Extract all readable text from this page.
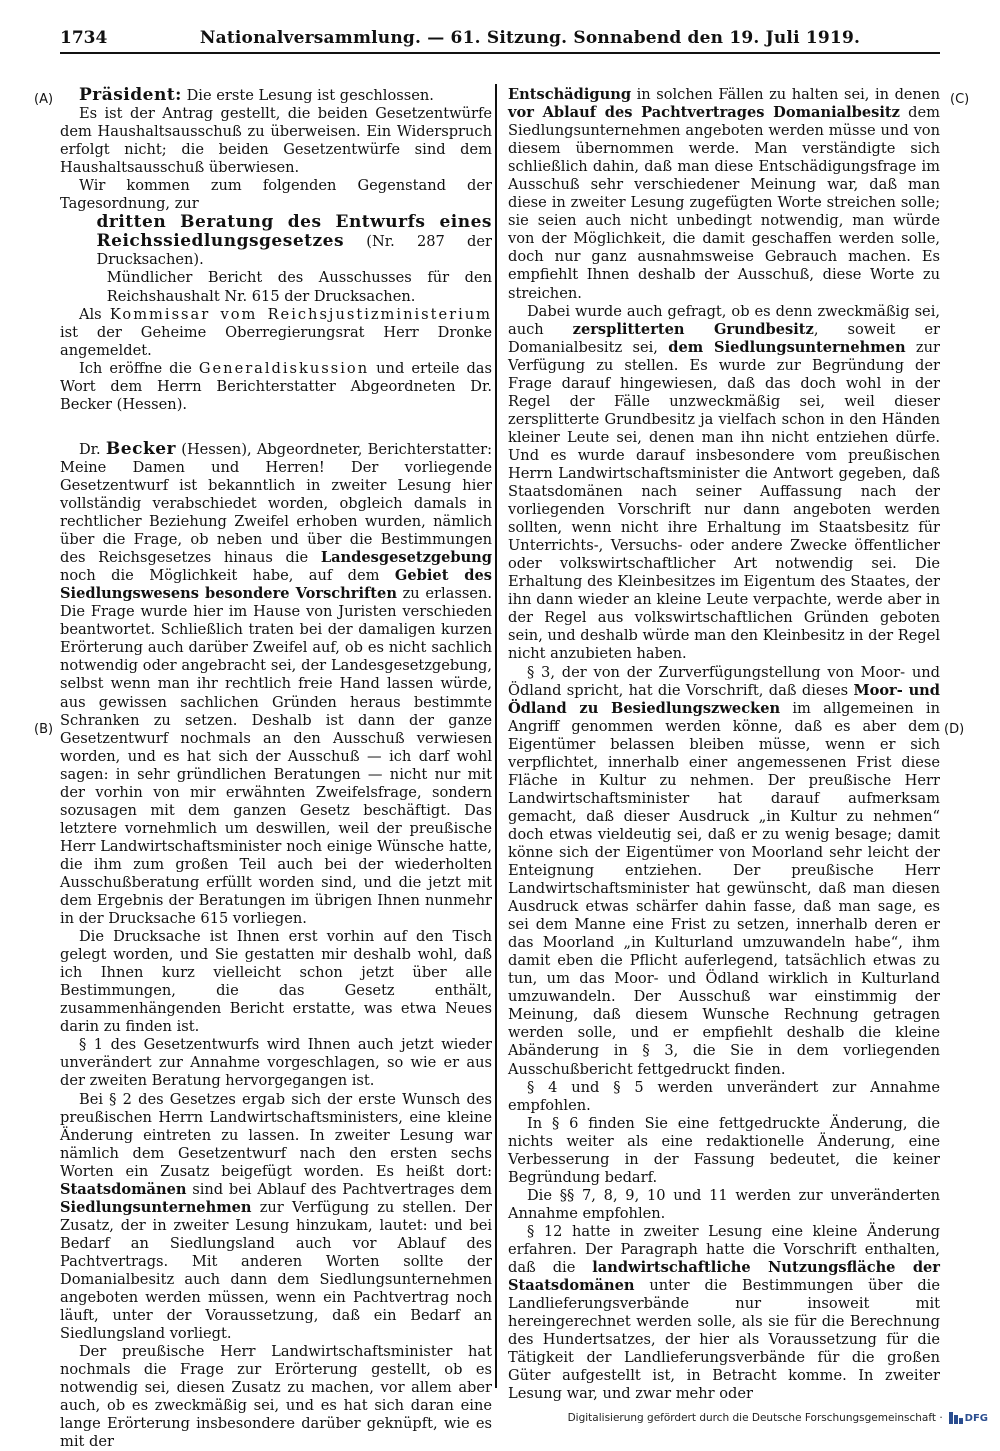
1734	Nationalversammlung. — 61. Sitzung. Sonnabend den 19. Juli 1919.
(A)
(B)
(C)
(D)

Präsident: Die erste Lesung ist geschlossen.

Es ist der Antrag gestellt, die beiden Gesetzentwürfe dem Haushaltsausschuß zu überweisen. Ein Widerspruch erfolgt nicht; die beiden Gesetzentwürfe sind dem Haushaltsausschuß überwiesen.

Wir kommen zum folgenden Gegenstand der Tagesordnung, zur

dritten Beratung des Entwurfs eines Reichssiedlungsgesetzes (Nr. 287 der Drucksachen).

Mündlicher Bericht des Ausschusses für den Reichshaushalt Nr. 615 der Drucksachen.

Als Kommissar vom Reichsjustizministerium ist der Geheime Oberregierungsrat Herr Dronke angemeldet.

Ich eröffne die Generaldiskussion und erteile das Wort dem Herrn Berichterstatter Abgeordneten Dr. Becker (Hessen).

Dr. Becker (Hessen), Abgeordneter, Berichterstatter: Meine Damen und Herren! Der vorliegende Gesetzentwurf ist bekanntlich in zweiter Lesung hier vollständig verabschiedet worden, obgleich damals in rechtlicher Beziehung Zweifel erhoben wurden, nämlich über die Frage, ob neben und über die Bestimmungen des Reichsgesetzes hinaus die Landesgesetzgebung noch die Möglichkeit habe, auf dem Gebiet des Siedlungswesens besondere Vorschriften zu erlassen. Die Frage wurde hier im Hause von Juristen verschieden beantwortet. Schließlich traten bei der damaligen kurzen Erörterung auch darüber Zweifel auf, ob es nicht sachlich notwendig oder angebracht sei, der Landesgesetzgebung, selbst wenn man ihr rechtlich freie Hand lassen würde, aus gewissen sachlichen Gründen heraus bestimmte Schranken zu setzen. Deshalb ist dann der ganze Gesetzentwurf nochmals an den Ausschuß verwiesen worden, und es hat sich der Ausschuß — ich darf wohl sagen: in sehr gründlichen Beratungen — nicht nur mit der vorhin von mir erwähnten Zweifelsfrage, sondern sozusagen mit dem ganzen Gesetz beschäftigt. Das letztere vornehmlich um deswillen, weil der preußische Herr Landwirtschaftsminister noch einige Wünsche hatte, die ihm zum großen Teil auch bei der wiederholten Ausschußberatung erfüllt worden sind, und die jetzt mit dem Ergebnis der Beratungen im übrigen Ihnen nunmehr in der Drucksache 615 vorliegen.

Die Drucksache ist Ihnen erst vorhin auf den Tisch gelegt worden, und Sie gestatten mir deshalb wohl, daß ich Ihnen kurz vielleicht schon jetzt über alle Bestimmungen, die das Gesetz enthält, zusammenhängenden Bericht erstatte, was etwa Neues darin zu finden ist.

§ 1 des Gesetzentwurfs wird Ihnen auch jetzt wieder unverändert zur Annahme vorgeschlagen, so wie er aus der zweiten Beratung hervorgegangen ist.

Bei § 2 des Gesetzes ergab sich der erste Wunsch des preußischen Herrn Landwirtschaftsministers, eine kleine Änderung eintreten zu lassen. In zweiter Lesung war nämlich dem Gesetzentwurf nach den ersten sechs Worten ein Zusatz beigefügt worden. Es heißt dort: Staatsdomänen sind bei Ablauf des Pachtvertrages dem Siedlungsunternehmen zur Verfügung zu stellen. Der Zusatz, der in zweiter Lesung hinzukam, lautet: und bei Bedarf an Siedlungsland auch vor Ablauf des Pachtvertrags. Mit anderen Worten sollte der Domanialbesitz auch dann dem Siedlungsunternehmen angeboten werden müssen, wenn ein Pachtvertrag noch läuft, unter der Voraussetzung, daß ein Bedarf an Siedlungsland vorliegt.

Der preußische Herr Landwirtschaftsminister hat nochmals die Frage zur Erörterung gestellt, ob es notwendig sei, diesen Zusatz zu machen, vor allem aber auch, ob es zweckmäßig sei, und es hat sich daran eine lange Erörterung insbesondere darüber geknüpft, wie es mit der

Entschädigung in solchen Fällen zu halten sei, in denen vor Ablauf des Pachtvertrages Domanialbesitz dem Siedlungsunternehmen angeboten werden müsse und von diesem übernommen werde. Man verständigte sich schließlich dahin, daß man diese Entschädigungsfrage im Ausschuß sehr verschiedener Meinung war, daß man diese in zweiter Lesung zugefügten Worte streichen solle; sie seien auch nicht unbedingt notwendig, man würde von der Möglichkeit, die damit geschaffen werden solle, doch nur ganz ausnahmsweise Gebrauch machen. Es empfiehlt Ihnen deshalb der Ausschuß, diese Worte zu streichen.

Dabei wurde auch gefragt, ob es denn zweckmäßig sei, auch zersplitterten Grundbesitz, soweit er Domanialbesitz sei, dem Siedlungsunternehmen zur Verfügung zu stellen. Es wurde zur Begründung der Frage darauf hingewiesen, daß das doch wohl in der Regel der Fälle unzweckmäßig sei, weil dieser zersplitterte Grundbesitz ja vielfach schon in den Händen kleiner Leute sei, denen man ihn nicht entziehen dürfe. Und es wurde darauf insbesondere vom preußischen Herrn Landwirtschaftsminister die Antwort gegeben, daß Staatsdomänen nach seiner Auffassung nach der vorliegenden Vorschrift nur dann angeboten werden sollten, wenn nicht ihre Erhaltung im Staatsbesitz für Unterrichts-, Versuchs- oder andere Zwecke öffentlicher oder volkswirtschaftlicher Art notwendig sei. Die Erhaltung des Kleinbesitzes im Eigentum des Staates, der ihn dann wieder an kleine Leute verpachte, werde aber in der Regel aus volkswirtschaftlichen Gründen geboten sein, und deshalb würde man den Kleinbesitz in der Regel nicht anzubieten haben.

§ 3, der von der Zurverfügungstellung von Moor- und Ödland spricht, hat die Vorschrift, daß dieses Moor- und Ödland zu Besiedlungszwecken im allgemeinen in Angriff genommen werden könne, daß es aber dem Eigentümer belassen bleiben müsse, wenn er sich verpflichtet, innerhalb einer angemessenen Frist diese Fläche in Kultur zu nehmen. Der preußische Herr Landwirtschaftsminister hat darauf aufmerksam gemacht, daß dieser Ausdruck „in Kultur zu nehmen“ doch etwas vieldeutig sei, daß er zu wenig besage; damit könne sich der Eigentümer von Moorland sehr leicht der Enteignung entziehen. Der preußische Herr Landwirtschaftsminister hat gewünscht, daß man diesen Ausdruck etwas schärfer dahin fasse, daß man sage, es sei dem Manne eine Frist zu setzen, innerhalb deren er das Moorland „in Kulturland umzuwandeln habe“, ihm damit eben die Pflicht auferlegend, tatsächlich etwas zu tun, um das Moor- und Ödland wirklich in Kulturland umzuwandeln. Der Ausschuß war einstimmig der Meinung, daß diesem Wunsche Rechnung getragen werden solle, und er empfiehlt deshalb die kleine Abänderung in § 3, die Sie in dem vorliegenden Ausschußbericht fettgedruckt finden.

§ 4 und § 5 werden unverändert zur Annahme empfohlen.

In § 6 finden Sie eine fettgedruckte Änderung, die nichts weiter als eine redaktionelle Änderung, eine Verbesserung in der Fassung bedeutet, die keiner Begründung bedarf.

Die §§ 7, 8, 9, 10 und 11 werden zur unveränderten Annahme empfohlen.

§ 12 hatte in zweiter Lesung eine kleine Änderung erfahren. Der Paragraph hatte die Vorschrift enthalten, daß die landwirtschaftliche Nutzungsfläche der Staatsdomänen unter die Bestimmungen über die Landlieferungsverbände nur insoweit mit hereingerechnet werden solle, als sie für die Berechnung des Hundertsatzes, der hier als Voraussetzung für die Tätigkeit der Landlieferungsverbände für die großen Güter aufgestellt ist, in Betracht komme. In zweiter Lesung war, und zwar mehr oder

Digitalisierung gefördert durch die Deutsche Forschungsgemeinschaft · DFG
